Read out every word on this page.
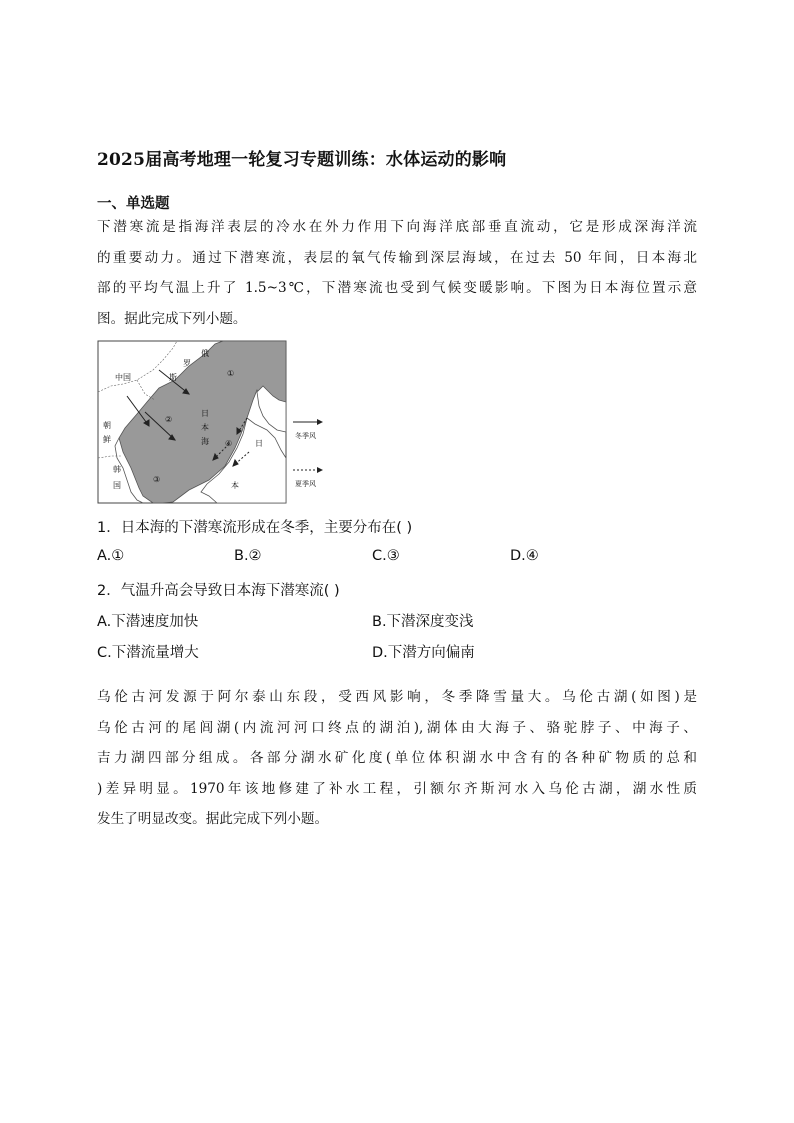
2025届高考地理一轮复习专题训练：水体运动的影响
一、单选题
下潜寒流是指海洋表层的冷水在外力作用下向海洋底部垂直流动，它是形成深海洋流
的重要动力。通过下潜寒流，表层的氧气传输到深层海域，在过去 50 年间，日本海北
部的平均气温上升了 1.5~3℃，下潜寒流也受到气候变暖影响。下图为日本海位置示意
图。据此完成下列小题。
中国
俄
罗
斯
朝
鲜
韩
国
日
本
海	日
本
①
②
③
④
冬季风
夏季风
1．日本海的下潜寒流形成在冬季，主要分布在( )
A.①	B.②	C.③	D.④
2．气温升高会导致日本海下潜寒流( )
A.下潜速度加快	B.下潜深度变浅
C.下潜流量增大	D.下潜方向偏南
乌伦古河发源于阿尔泰山东段，受西风影响，冬季降雪量大。乌伦古湖(如图)是
乌伦古河的尾闾湖(内流河河口终点的湖泊),湖体由大海子、骆驼脖子、中海子、
吉力湖四部分组成。各部分湖水矿化度(单位体积湖水中含有的各种矿物质的总和
)差异明显。1970年该地修建了补水工程，引额尔齐斯河水入乌伦古湖，湖水性质
发生了明显改变。据此完成下列小题。
